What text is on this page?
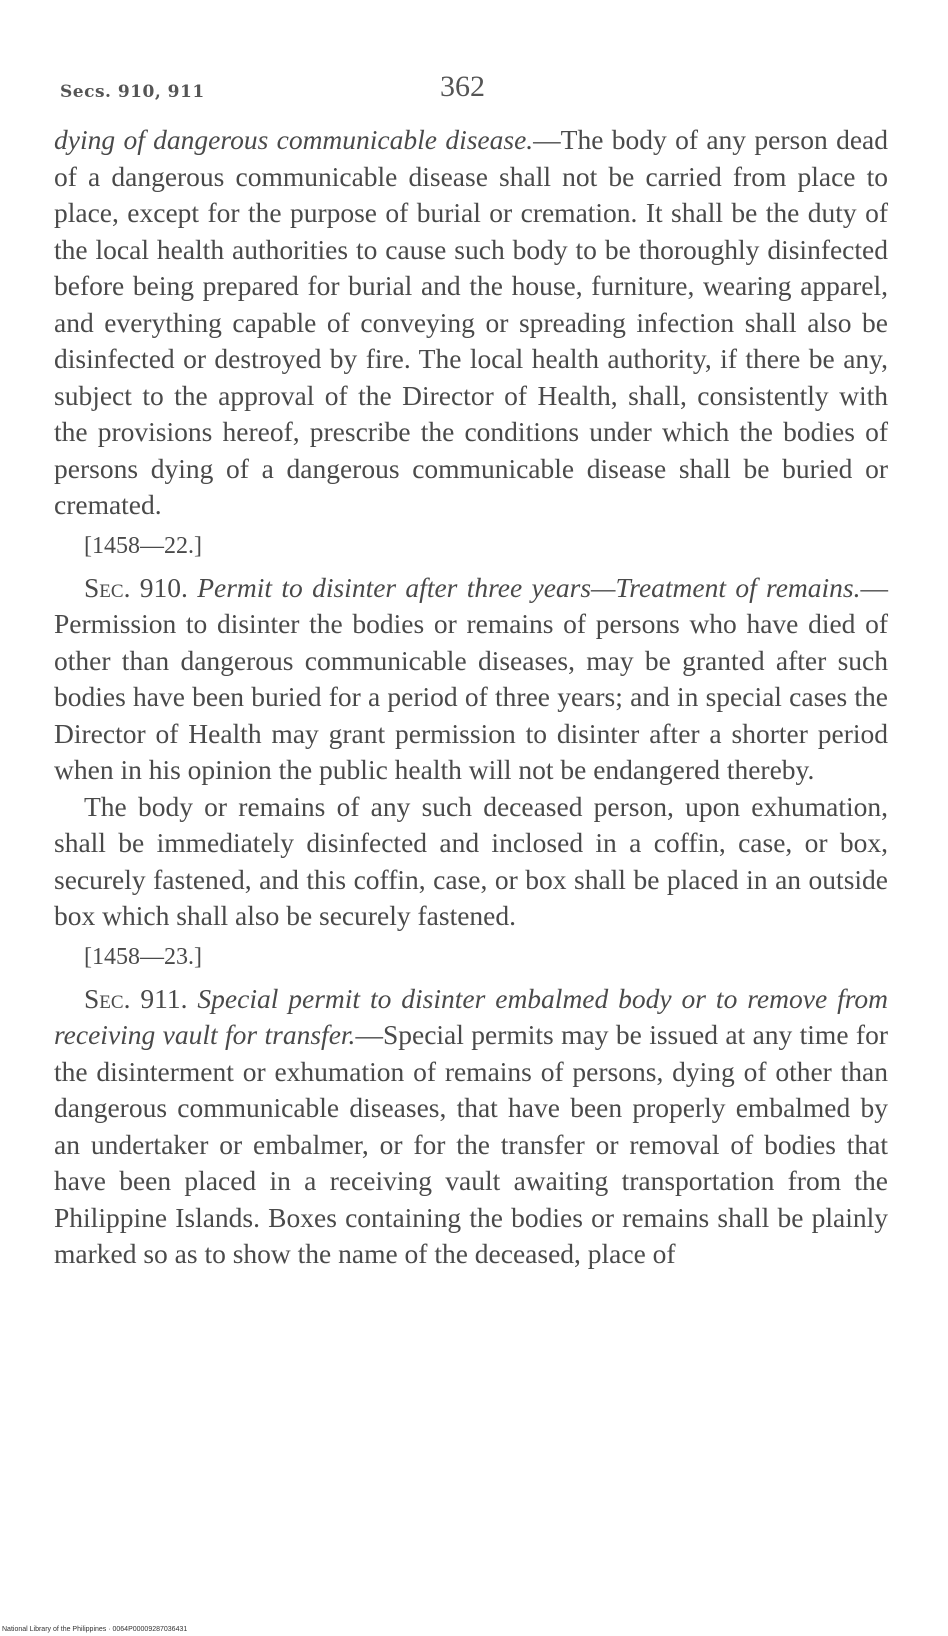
Secs. 910, 911	362

dying of dangerous communicable disease.—The body of any person dead of a dangerous communicable disease shall not be carried from place to place, except for the purpose of burial or cremation. It shall be the duty of the local health authorities to cause such body to be thoroughly disinfected before being prepared for burial and the house, furniture, wearing apparel, and everything capable of conveying or spreading infection shall also be disinfected or destroyed by fire. The local health authority, if there be any, subject to the approval of the Director of Health, shall, consistently with the provisions hereof, prescribe the conditions under which the bodies of persons dying of a dangerous communicable disease shall be buried or cremated.

[1458—22.]

Sec. 910. Permit to disinter after three years—Treatment of remains.—Permission to disinter the bodies or remains of persons who have died of other than dangerous communicable diseases, may be granted after such bodies have been buried for a period of three years; and in special cases the Director of Health may grant permission to disinter after a shorter period when in his opinion the public health will not be endangered thereby.

The body or remains of any such deceased person, upon exhumation, shall be immediately disinfected and inclosed in a coffin, case, or box, securely fastened, and this coffin, case, or box shall be placed in an outside box which shall also be securely fastened.

[1458—23.]

Sec. 911. Special permit to disinter embalmed body or to remove from receiving vault for transfer.—Special permits may be issued at any time for the disinterment or exhumation of remains of persons, dying of other than dangerous communicable diseases, that have been properly embalmed by an undertaker or embalmer, or for the transfer or removal of bodies that have been placed in a receiving vault awaiting transportation from the Philippine Islands. Boxes containing the bodies or remains shall be plainly marked so as to show the name of the deceased, place of

National Library of the Philippines · 0064P00009287036431
